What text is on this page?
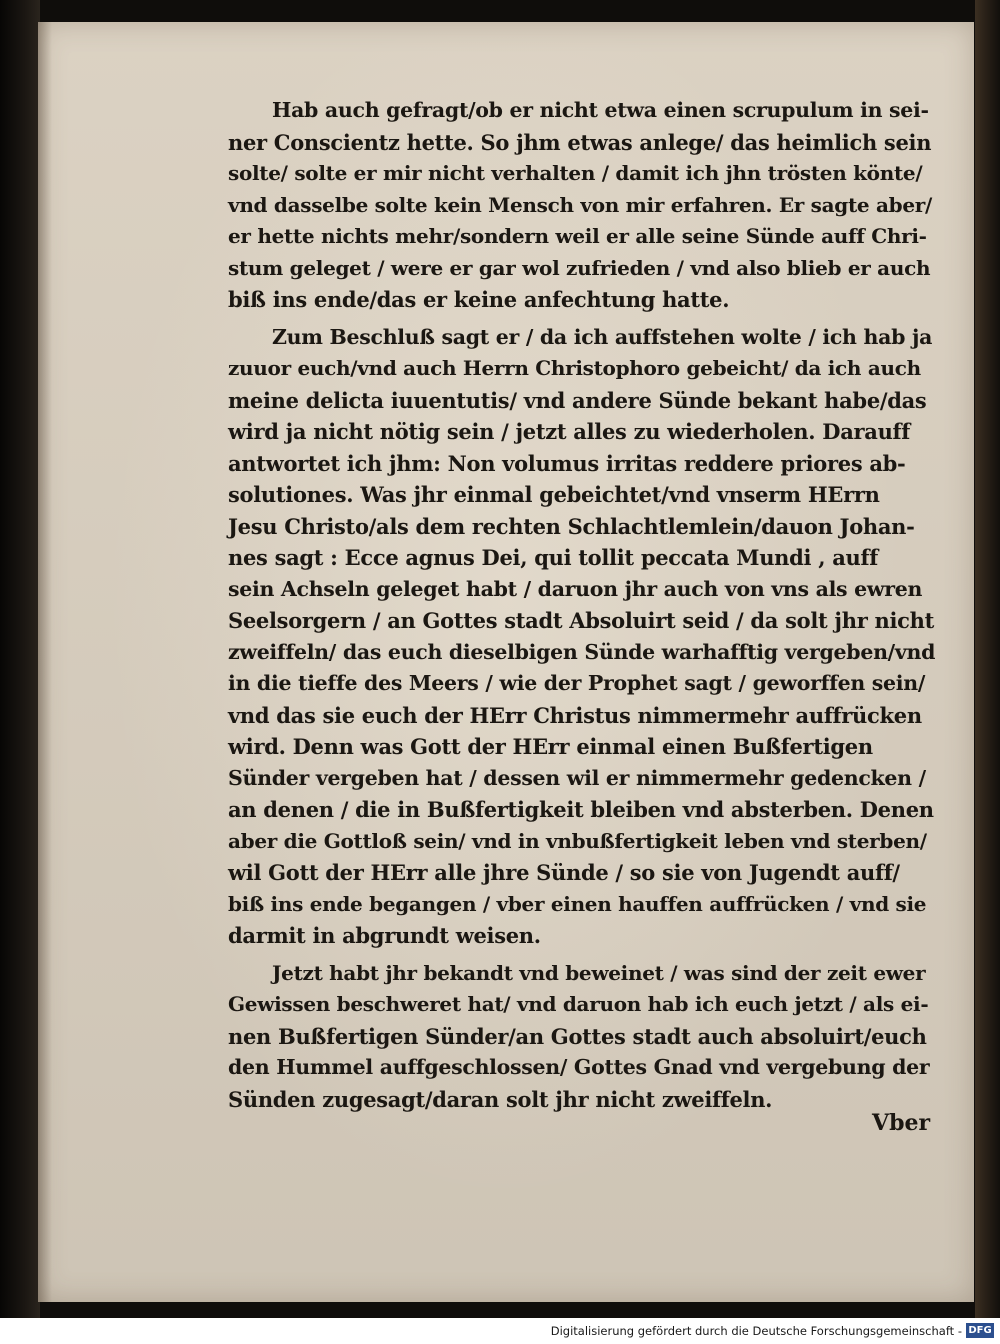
Hab auch gefragt/ob er nicht etwa einen scrupulum in sei-
ner Conscientz hette. So jhm etwas anlege/ das heimlich sein
solte/ solte er mir nicht verhalten / damit ich jhn trösten könte/
vnd dasselbe solte kein Mensch von mir erfahren. Er sagte aber/
er hette nichts mehr/sondern weil er alle seine Sünde auff Chri-
stum geleget / were er gar wol zufrieden / vnd also blieb er auch
biß ins ende/das er keine anfechtung hatte.
Zum Beschluß sagt er / da ich auffstehen wolte / ich hab ja
zuuor euch/vnd auch Herrn Christophoro gebeicht/ da ich auch
meine delicta iuuentutis/ vnd andere Sünde bekant habe/das
wird ja nicht nötig sein / jetzt alles zu wiederholen. Darauff
antwortet ich jhm: Non volumus irritas reddere priores ab-
solutiones. Was jhr einmal gebeichtet/vnd vnserm HErrn
Jesu Christo/als dem rechten Schlachtlemlein/dauon Johan-
nes sagt : Ecce agnus Dei, qui tollit peccata Mundi , auff
sein Achseln geleget habt / daruon jhr auch von vns als ewren
Seelsorgern / an Gottes stadt Absoluirt seid / da solt jhr nicht
zweiffeln/ das euch dieselbigen Sünde warhafftig vergeben/vnd
in die tieffe des Meers / wie der Prophet sagt / geworffen sein/
vnd das sie euch der HErr Christus nimmermehr auffrücken
wird. Denn was Gott der HErr einmal einen Bußfertigen
Sünder vergeben hat / dessen wil er nimmermehr gedencken /
an denen / die in Bußfertigkeit bleiben vnd absterben. Denen
aber die Gottloß sein/ vnd in vnbußfertigkeit leben vnd sterben/
wil Gott der HErr alle jhre Sünde / so sie von Jugendt auff/
biß ins ende begangen / vber einen hauffen auffrücken / vnd sie
darmit in abgrundt weisen.
Jetzt habt jhr bekandt vnd beweinet / was sind der zeit ewer
Gewissen beschweret hat/ vnd daruon hab ich euch jetzt / als ei-
nen Bußfertigen Sünder/an Gottes stadt auch absoluirt/euch
den Hummel auffgeschlossen/ Gottes Gnad vnd vergebung der
Sünden zugesagt/daran solt jhr nicht zweiffeln.
Vber
Digitalisierung gefördert durch die Deutsche Forschungsgemeinschaft - DFG
